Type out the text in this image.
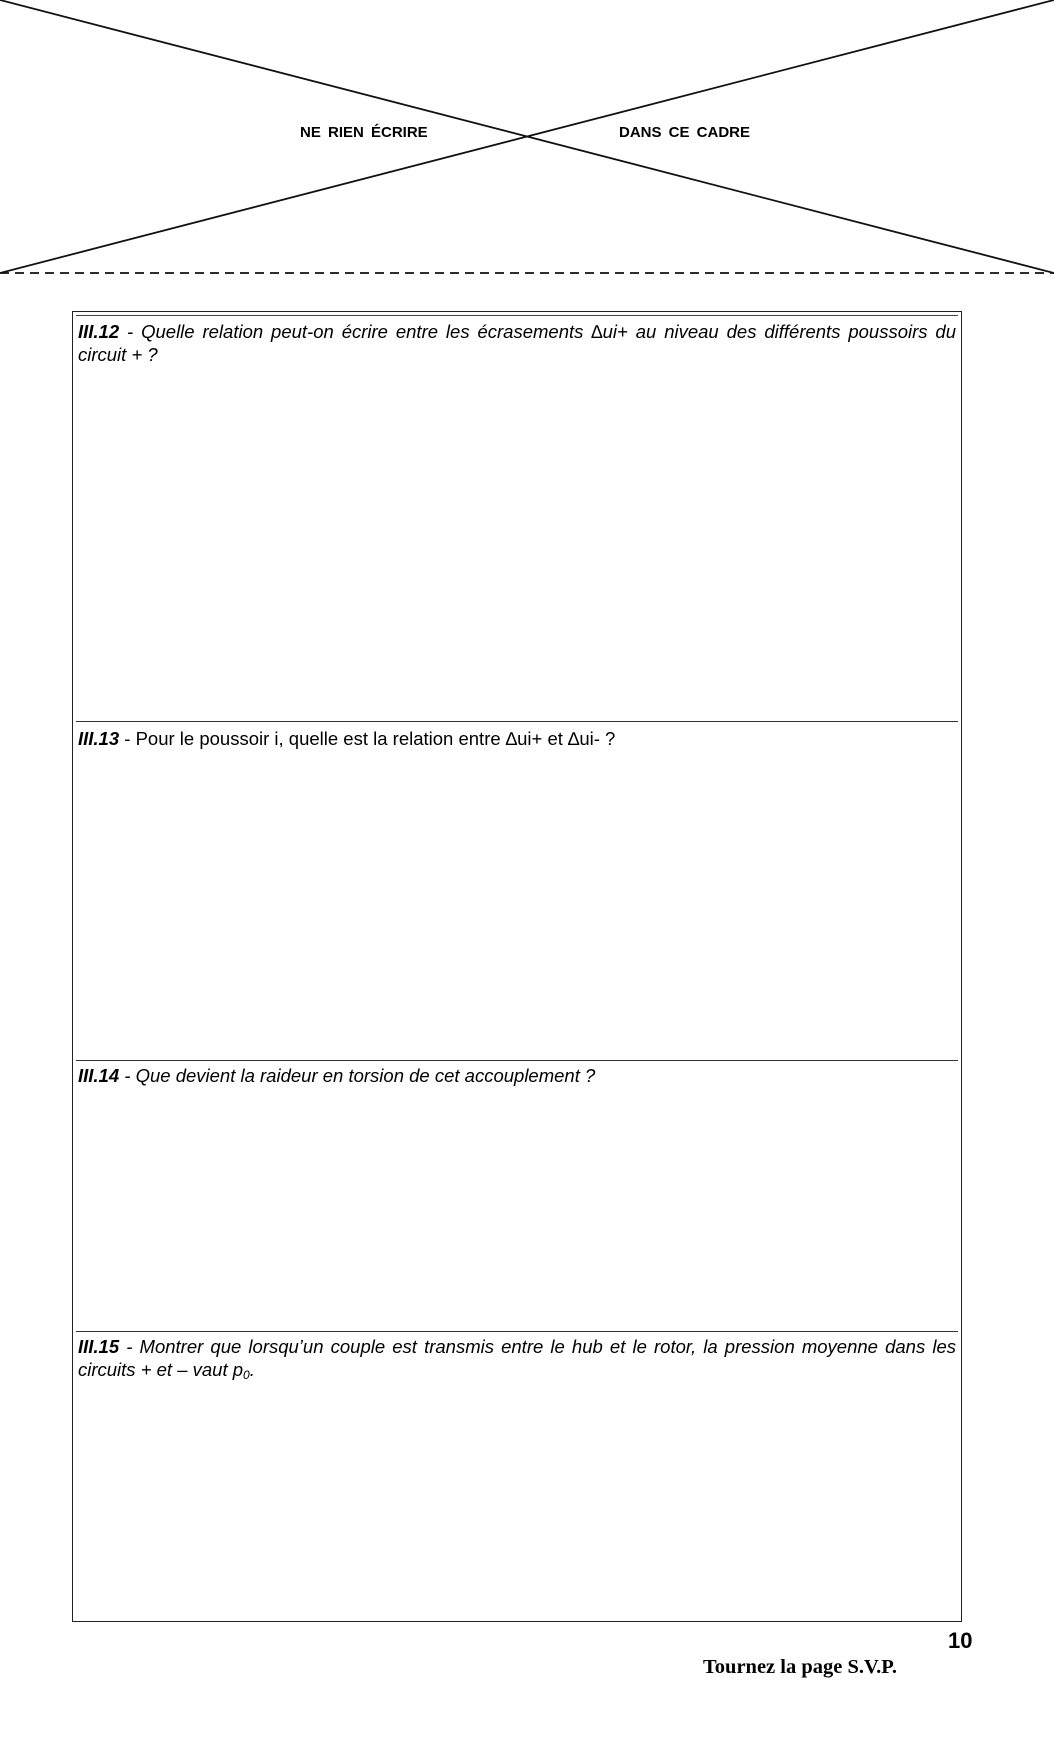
NE RIEN ÉCRIRE	DANS CE CADRE

III.12 - Quelle relation peut-on écrire entre les écrasements ∆ui+ au niveau des différents poussoirs du circuit + ?

III.13 - Pour le poussoir i, quelle est la relation entre ∆ui+ et ∆ui- ?

III.14 - Que devient la raideur en torsion de cet accouplement ?

III.15 - Montrer que lorsqu’un couple est transmis entre le hub et le rotor, la pression moyenne dans les circuits + et – vaut $p_0$.

10
Tournez la page S.V.P.
